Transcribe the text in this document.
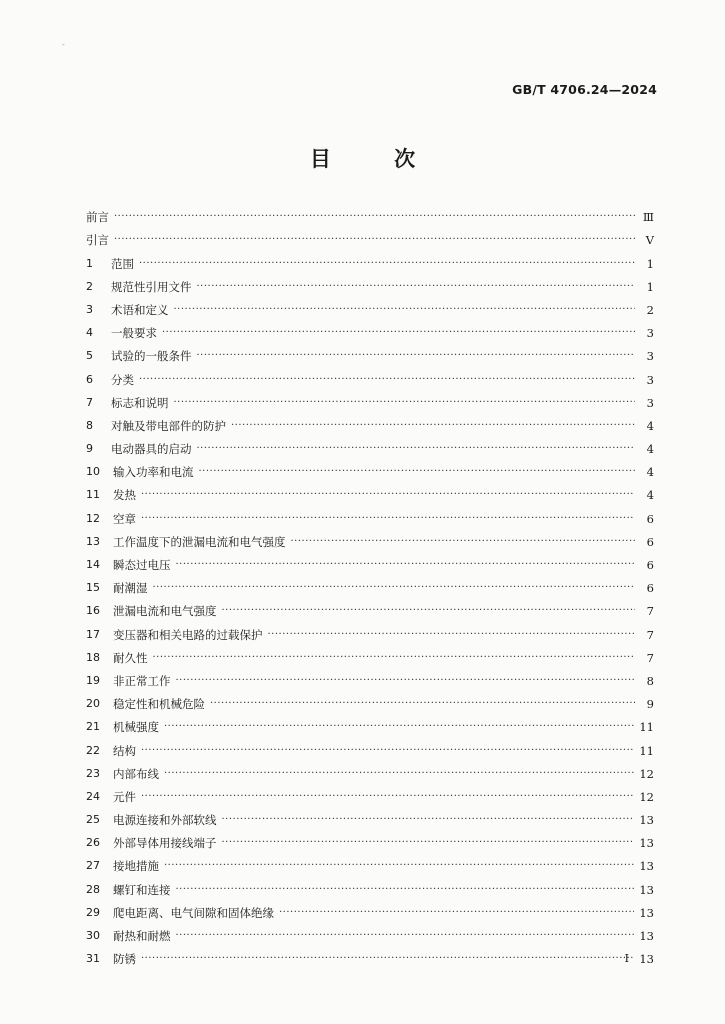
-
GB/T 4706.24—2024
目 次
前言 ·····	Ⅲ
引言 ·····	Ⅴ
1	范围 ·····	1
2	规范性引用文件 ·····	1
3	术语和定义 ·····	2
4	一般要求 ·····	3
5	试验的一般条件 ·····	3
6	分类 ·····	3
7	标志和说明 ·····	3
8	对触及带电部件的防护 ·····	4
9	电动器具的启动 ·····	4
10	输入功率和电流 ·····	4
11	发热 ·····	4
12	空章 ·····	6
13	工作温度下的泄漏电流和电气强度 ·····	6
14	瞬态过电压 ·····	6
15	耐潮湿 ·····	6
16	泄漏电流和电气强度 ·····	7
17	变压器和相关电路的过载保护 ·····	7
18	耐久性 ·····	7
19	非正常工作 ·····	8
20	稳定性和机械危险 ·····	9
21	机械强度 ·····	11
22	结构 ·····	11
23	内部布线 ·····	12
24	元件 ·····	12
25	电源连接和外部软线 ·····	13
26	外部导体用接线端子 ·····	13
27	接地措施 ·····	13
28	螺钉和连接 ·····	13
29	爬电距离、电气间隙和固体绝缘 ·····	13
30	耐热和耐燃 ·····	13
31	防锈 ·····	13
I
